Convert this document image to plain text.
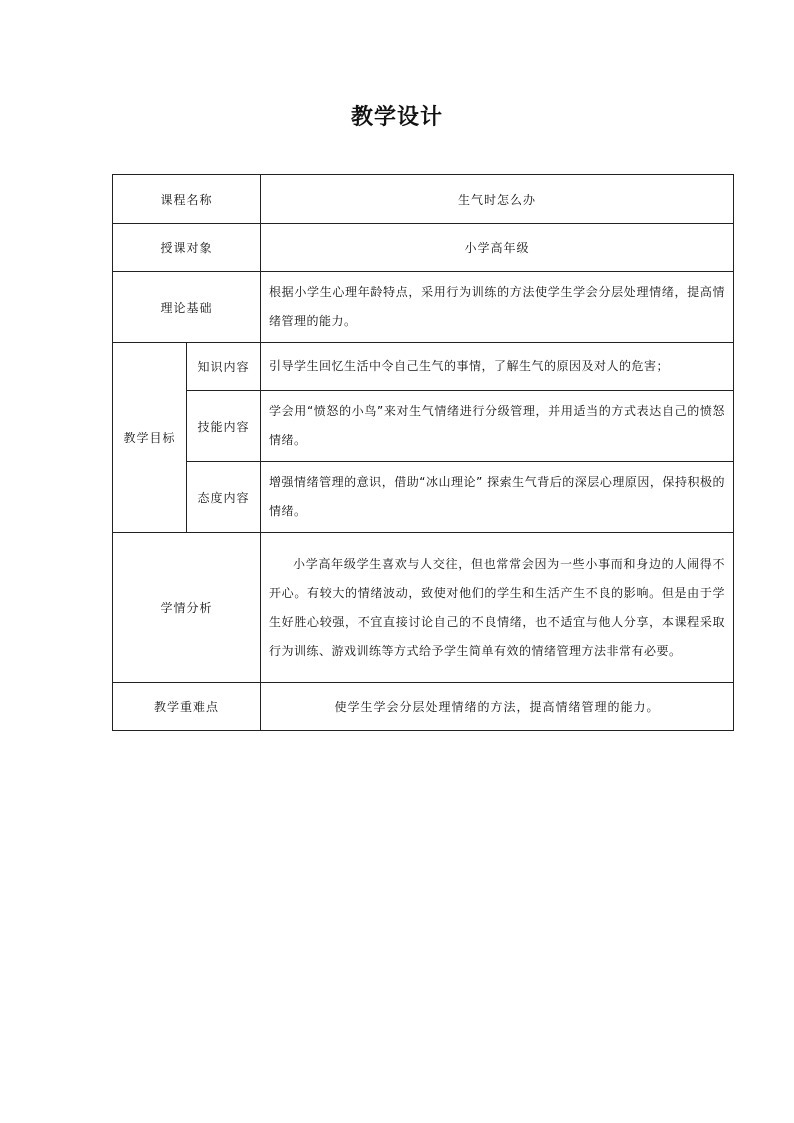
教学设计
课程名称		生气时怎么办
授课对象		小学高年级
理论基础		根据小学生心理年龄特点，采用行为训练的方法使学生学会分层处理情绪，提高情绪管理的能力。
教学目标	知识内容	引导学生回忆生活中令自己生气的事情，了解生气的原因及对人的危害；
	技能内容	学会用“愤怒的小鸟”来对生气情绪进行分级管理，并用适当的方式表达自己的愤怒情绪。
	态度内容	增强情绪管理的意识，借助“冰山理论” 探索生气背后的深层心理原因，保持积极的情绪。
学情分析		小学高年级学生喜欢与人交往，但也常常会因为一些小事而和身边的人闹得不开心。有较大的情绪波动，致使对他们的学生和生活产生不良的影响。但是由于学生好胜心较强，不宜直接讨论自己的不良情绪，也不适宜与他人分享，本课程采取行为训练、游戏训练等方式给予学生简单有效的情绪管理方法非常有必要。
教学重难点		使学生学会分层处理情绪的方法，提高情绪管理的能力。
